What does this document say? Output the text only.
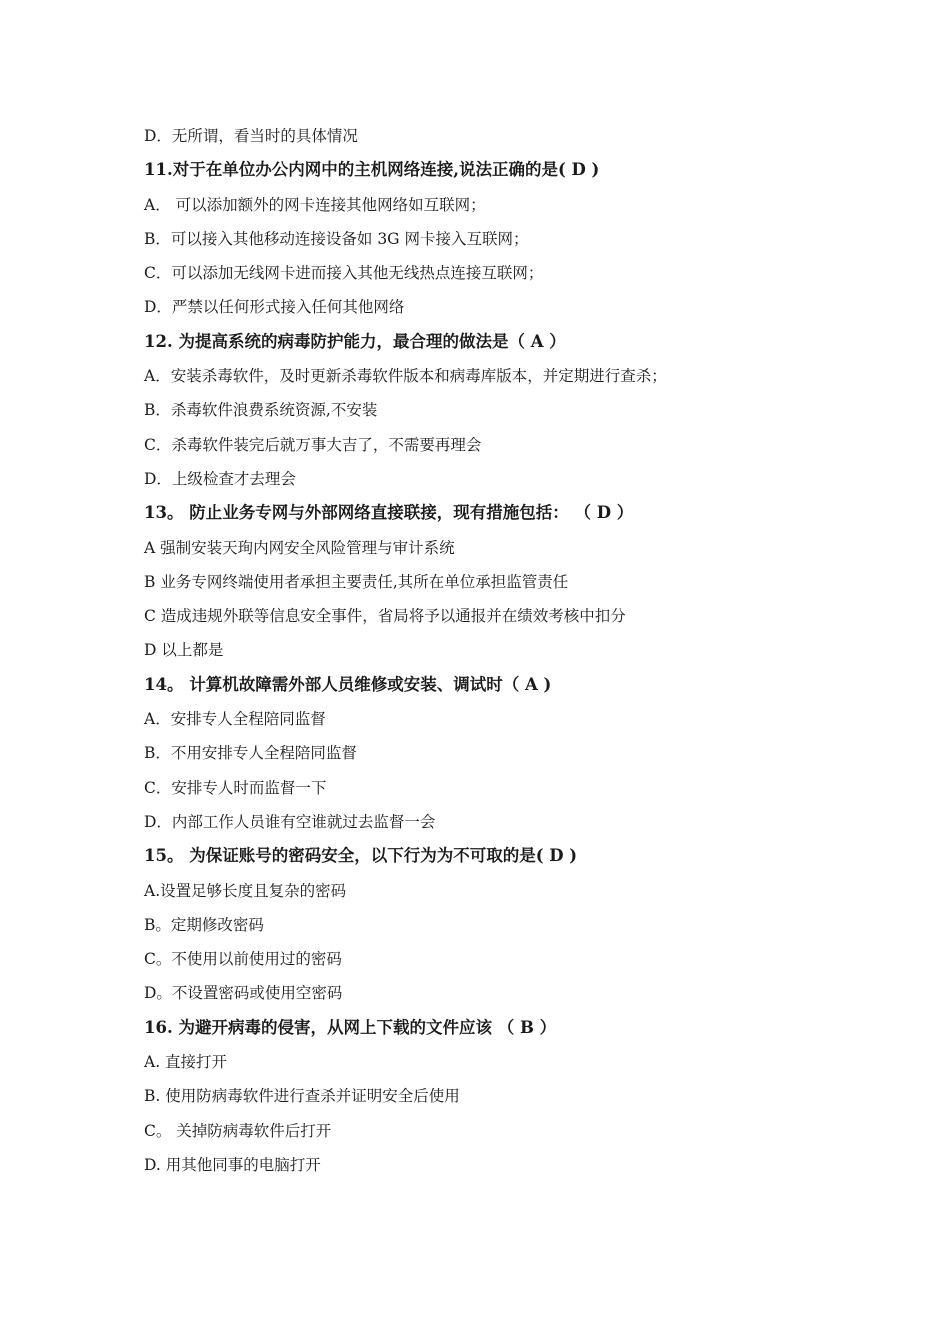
D．无所谓，看当时的具体情况
11.对于在单位办公内网中的主机网络连接,说法正确的是( D )
A． 可以添加额外的网卡连接其他网络如互联网；
B．可以接入其他移动连接设备如 3G 网卡接入互联网；
C．可以添加无线网卡进而接入其他无线热点连接互联网；
D．严禁以任何形式接入任何其他网络
12. 为提高系统的病毒防护能力，最合理的做法是（ A ）
A．安装杀毒软件，及时更新杀毒软件版本和病毒库版本，并定期进行查杀；
B．杀毒软件浪费系统资源,不安装
C．杀毒软件装完后就万事大吉了，不需要再理会
D．上级检查才去理会
13。 防止业务专网与外部网络直接联接，现有措施包括： （ D ）
A 强制安装天珣内网安全风险管理与审计系统
B 业务专网终端使用者承担主要责任,其所在单位承担监管责任
C 造成违规外联等信息安全事件，省局将予以通报并在绩效考核中扣分
D 以上都是
14。 计算机故障需外部人员维修或安装、调试时（ A )
A．安排专人全程陪同监督
B．不用安排专人全程陪同监督
C．安排专人时而监督一下
D．内部工作人员谁有空谁就过去监督一会
15。 为保证账号的密码安全，以下行为为不可取的是( D )
A.设置足够长度且复杂的密码
B。定期修改密码
C。不使用以前使用过的密码
D。不设置密码或使用空密码
16. 为避开病毒的侵害，从网上下载的文件应该 （ B ）
A. 直接打开
B. 使用防病毒软件进行查杀并证明安全后使用
C。 关掉防病毒软件后打开
D. 用其他同事的电脑打开
